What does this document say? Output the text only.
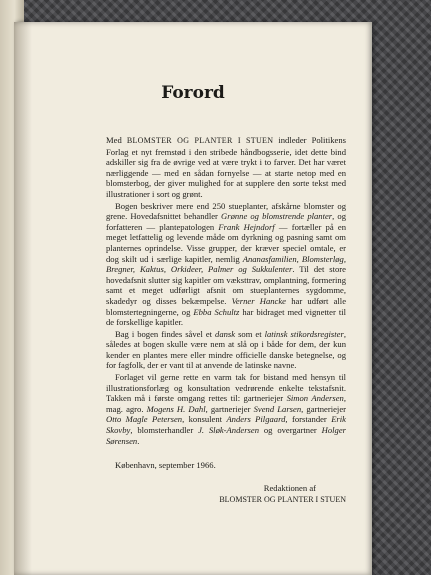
Forord

Med BLOMSTER OG PLANTER I STUEN indleder Politikens Forlag et nyt fremstød i den stribede håndbogsserie, idet dette bind adskiller sig fra de øvrige ved at være trykt i to farver. Det har været nærliggende — med en sådan fornyelse — at starte netop med en blomsterbog, der giver mulighed for at supplere den sorte tekst med illustrationer i sort og grønt.

Bogen beskriver mere end 250 stueplanter, afskårne blomster og grene. Hovedafsnittet behandler Grønne og blomstrende planter, og forfatteren — plantepatologen Frank Hejndorf — fortæller på en meget letfattelig og levende måde om dyrkning og pasning samt om planternes oprindelse. Visse grupper, der kræver speciel omtale, er dog skilt ud i særlige kapitler, nemlig Ananasfamilien, Blomsterløg, Bregner, Kaktus, Orkideer, Palmer og Sukkulenter. Til det store hovedafsnit slutter sig kapitler om væksttrav, omplantning, formering samt et meget udførligt afsnit om stueplanternes sygdomme, skadedyr og disses bekæmpelse. Verner Hancke har udført alle blomstertegningerne, og Ebba Schultz har bidraget med vignetter til de forskellige kapitler.

Bag i bogen findes såvel et dansk som et latinsk stikordsregister, således at bogen skulle være nem at slå op i både for dem, der kun kender en plantes mere eller mindre officielle danske betegnelse, og for fagfolk, der er vant til at anvende de latinske navne.

Forlaget vil gerne rette en varm tak for bistand med hensyn til illustrationsforlæg og konsultation vedrørende enkelte tekstafsnit. Takken må i første omgang rettes til: gartneriejer Simon Andersen, mag. agro. Mogens H. Dahl, gartneriejer Svend Larsen, gartneriejer Otto Magle Petersen, konsulent Anders Pilgaard, forstander Erik Skovby, blomsterhandler J. Sløk-Andersen og overgartner Holger Sørensen.

København, september 1966.

Redaktionen af

BLOMSTER OG PLANTER I STUEN
